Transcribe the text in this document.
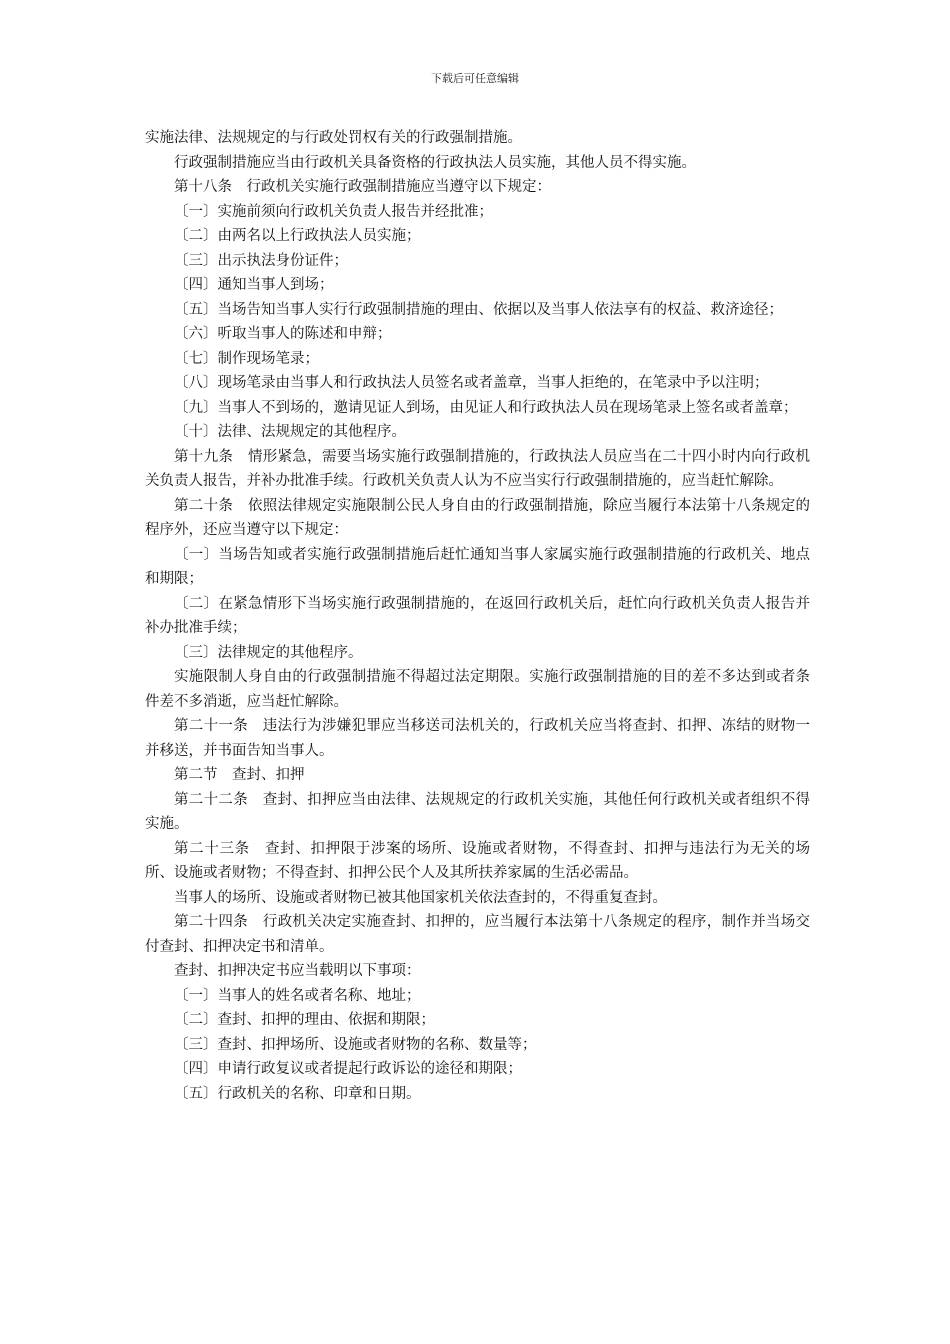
下载后可任意编辑

实施法律、法规规定的与行政处罚权有关的行政强制措施。

行政强制措施应当由行政机关具备资格的行政执法人员实施，其他人员不得实施。

第十八条　行政机关实施行政强制措施应当遵守以下规定：

〔一〕实施前须向行政机关负责人报告并经批准；

〔二〕由两名以上行政执法人员实施；

〔三〕出示执法身份证件；

〔四〕通知当事人到场；

〔五〕当场告知当事人实行行政强制措施的理由、依据以及当事人依法享有的权益、救济途径；

〔六〕听取当事人的陈述和申辩；

〔七〕制作现场笔录；

〔八〕现场笔录由当事人和行政执法人员签名或者盖章，当事人拒绝的，在笔录中予以注明；

〔九〕当事人不到场的，邀请见证人到场，由见证人和行政执法人员在现场笔录上签名或者盖章；

〔十〕法律、法规规定的其他程序。

第十九条　情形紧急，需要当场实施行政强制措施的，行政执法人员应当在二十四小时内向行政机关负责人报告，并补办批准手续。行政机关负责人认为不应当实行行政强制措施的，应当赶忙解除。

第二十条　依照法律规定实施限制公民人身自由的行政强制措施，除应当履行本法第十八条规定的程序外，还应当遵守以下规定：

〔一〕当场告知或者实施行政强制措施后赶忙通知当事人家属实施行政强制措施的行政机关、地点和期限；

〔二〕在紧急情形下当场实施行政强制措施的，在返回行政机关后，赶忙向行政机关负责人报告并补办批准手续；

〔三〕法律规定的其他程序。

实施限制人身自由的行政强制措施不得超过法定期限。实施行政强制措施的目的差不多达到或者条件差不多消逝，应当赶忙解除。

第二十一条　违法行为涉嫌犯罪应当移送司法机关的，行政机关应当将查封、扣押、冻结的财物一并移送，并书面告知当事人。

第二节　查封、扣押

第二十二条　查封、扣押应当由法律、法规规定的行政机关实施，其他任何行政机关或者组织不得实施。

第二十三条　查封、扣押限于涉案的场所、设施或者财物，不得查封、扣押与违法行为无关的场所、设施或者财物；不得查封、扣押公民个人及其所扶养家属的生活必需品。

当事人的场所、设施或者财物已被其他国家机关依法查封的，不得重复查封。

第二十四条　行政机关决定实施查封、扣押的，应当履行本法第十八条规定的程序，制作并当场交付查封、扣押决定书和清单。

查封、扣押决定书应当载明以下事项：

〔一〕当事人的姓名或者名称、地址；

〔二〕查封、扣押的理由、依据和期限；

〔三〕查封、扣押场所、设施或者财物的名称、数量等；

〔四〕申请行政复议或者提起行政诉讼的途径和期限；

〔五〕行政机关的名称、印章和日期。
